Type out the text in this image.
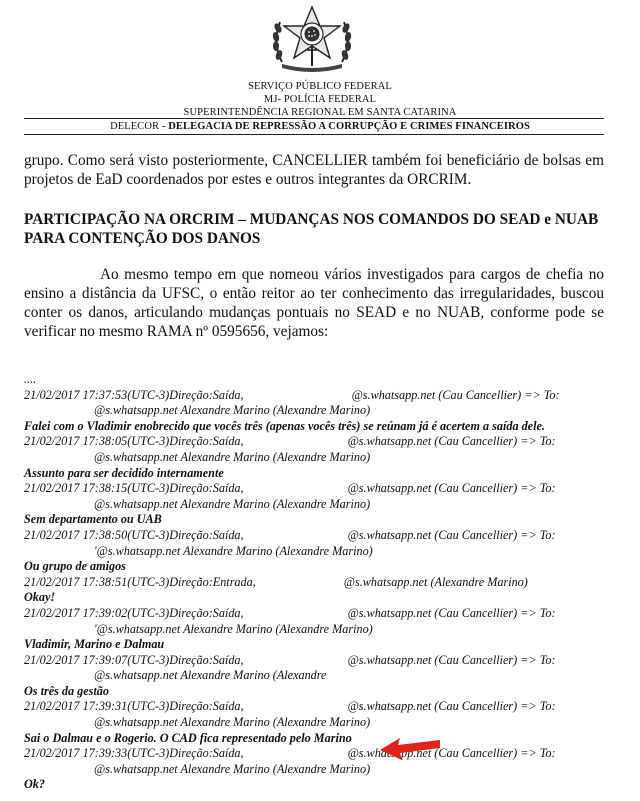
SERVIÇO PÚBLICO FEDERAL
MJ- POLÍCIA FEDERAL
SUPERINTENDÊNCIA REGIONAL EM SANTA CATARINA
DELECOR - DELEGACIA DE REPRESSÃO A CORRUPÇÃO E CRIMES FINANCEIROS
grupo. Como será visto posteriormente, CANCELLIER também foi beneficiário de bolsas em projetos de EaD coordenados por estes e outros integrantes da ORCRIM.
PARTICIPAÇÃO NA ORCRIM – MUDANÇAS NOS COMANDOS DO SEAD e NUAB PARA CONTENÇÃO DOS DANOS
Ao mesmo tempo em que nomeou vários investigados para cargos de chefia no ensino a distância da UFSC, o então reitor ao ter conhecimento das irregularidades, buscou conter os danos, articulando mudanças pontuais no SEAD e no NUAB, conforme pode se verificar no mesmo RAMA nº 0595656, vejamos:
....
21/02/2017 17:37:53(UTC-3)Direção:Saída,	@s.whatsapp.net (Cau Cancellier) => To:
@s.whatsapp.net Alexandre Marino (Alexandre Marino)
Falei com o Vladimir enobrecido que vocês três (apenas vocês três) se reúnam já é acertem a saída dele.
21/02/2017 17:38:05(UTC-3)Direção:Saída,	@s.whatsapp.net (Cau Cancellier) => To:
@s.whatsapp.net Alexandre Marino (Alexandre Marino)
Assunto para ser decidido internamente
21/02/2017 17:38:15(UTC-3)Direção:Saída,	@s.whatsapp.net (Cau Cancellier) => To:
@s.whatsapp.net Alexandre Marino (Alexandre Marino)
Sem departamento ou UAB
21/02/2017 17:38:50(UTC-3)Direção:Saída,	@s.whatsapp.net (Cau Cancellier) => To:
'@s.whatsapp.net Alexandre Marino (Alexandre Marino)
Ou grupo de amigos
21/02/2017 17:38:51(UTC-3)Direção:Entrada,	@s.whatsapp.net (Alexandre Marino)
Okay!
21/02/2017 17:39:02(UTC-3)Direção:Saída,	@s.whatsapp.net (Cau Cancellier) => To:
'@s.whatsapp.net Alexandre Marino (Alexandre Marino)
Vladimir, Marino e Dalmau
21/02/2017 17:39:07(UTC-3)Direção:Saída,	@s.whatsapp.net (Cau Cancellier) => To:
@s.whatsapp.net Alexandre Marino (Alexandre
Os três da gestão
21/02/2017 17:39:31(UTC-3)Direção:Saída,	@s.whatsapp.net (Cau Cancellier) => To:
@s.whatsapp.net Alexandre Marino (Alexandre Marino)
Sai o Dalmau e o Rogerio. O CAD fica representado pelo Marino
21/02/2017 17:39:33(UTC-3)Direção:Saída,	@s.whatsapp.net (Cau Cancellier) => To:
@s.whatsapp.net Alexandre Marino (Alexandre Marino)
Ok?
